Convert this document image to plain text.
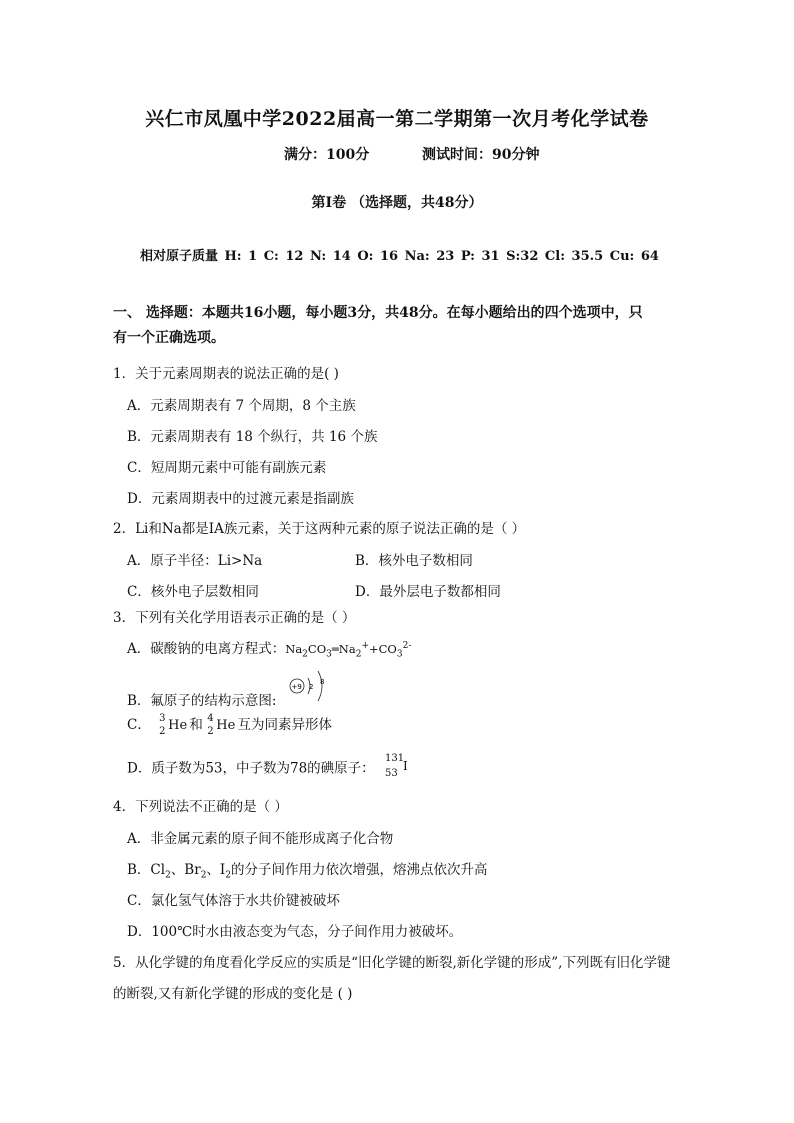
兴仁市凤凰中学2022届高一第二学期第一次月考化学试卷
满分：100分	测试时间：90分钟
第Ⅰ卷 （选择题，共48分）
相对原子质量 H: 1 C: 12 N: 14 O: 16 Na: 23 P: 31 S:32 Cl: 35.5 Cu: 64
一、 选择题：本题共16小题，每小题3分，共48分。在每小题给出的四个选项中，只
有一个正确选项。
1．关于元素周期表的说法正确的是( )
A．元素周期表有 7 个周期，8 个主族
B．元素周期表有 18 个纵行，共 16 个族
C．短周期元素中可能有副族元素
D．元素周期表中的过渡元素是指副族
2．Li和Na都是IA族元素，关于这两种元素的原子说法正确的是（ ）
A．原子半径：Li>Na	B．核外电子数相同
C．核外电子层数相同	D．最外层电子数都相同
3．下列有关化学用语表示正确的是（ ）
A．碳酸钠的电离方程式：$Na_2CO_3═Na_2^++CO_3^{2-}$
B．氟原子的结构示意图:
+9 2
8
C． 3
2 He
和 4
2 He
互为同素异形体
D．质子数为53，中子数为78的碘原子：
131
53
I
4．下列说法不正确的是（ ）
A．非金属元素的原子间不能形成离子化合物
B．$Cl_2$、$Br_2$、$I_2$的分子间作用力依次增强，熔沸点依次升高
C．氯化氢气体溶于水共价键被破坏
D．100℃时水由液态变为气态，分子间作用力被破坏。
5．从化学键的角度看化学反应的实质是“旧化学键的断裂,新化学键的形成”,下列既有旧化学键
的断裂,又有新化学键的形成的变化是 ( )
